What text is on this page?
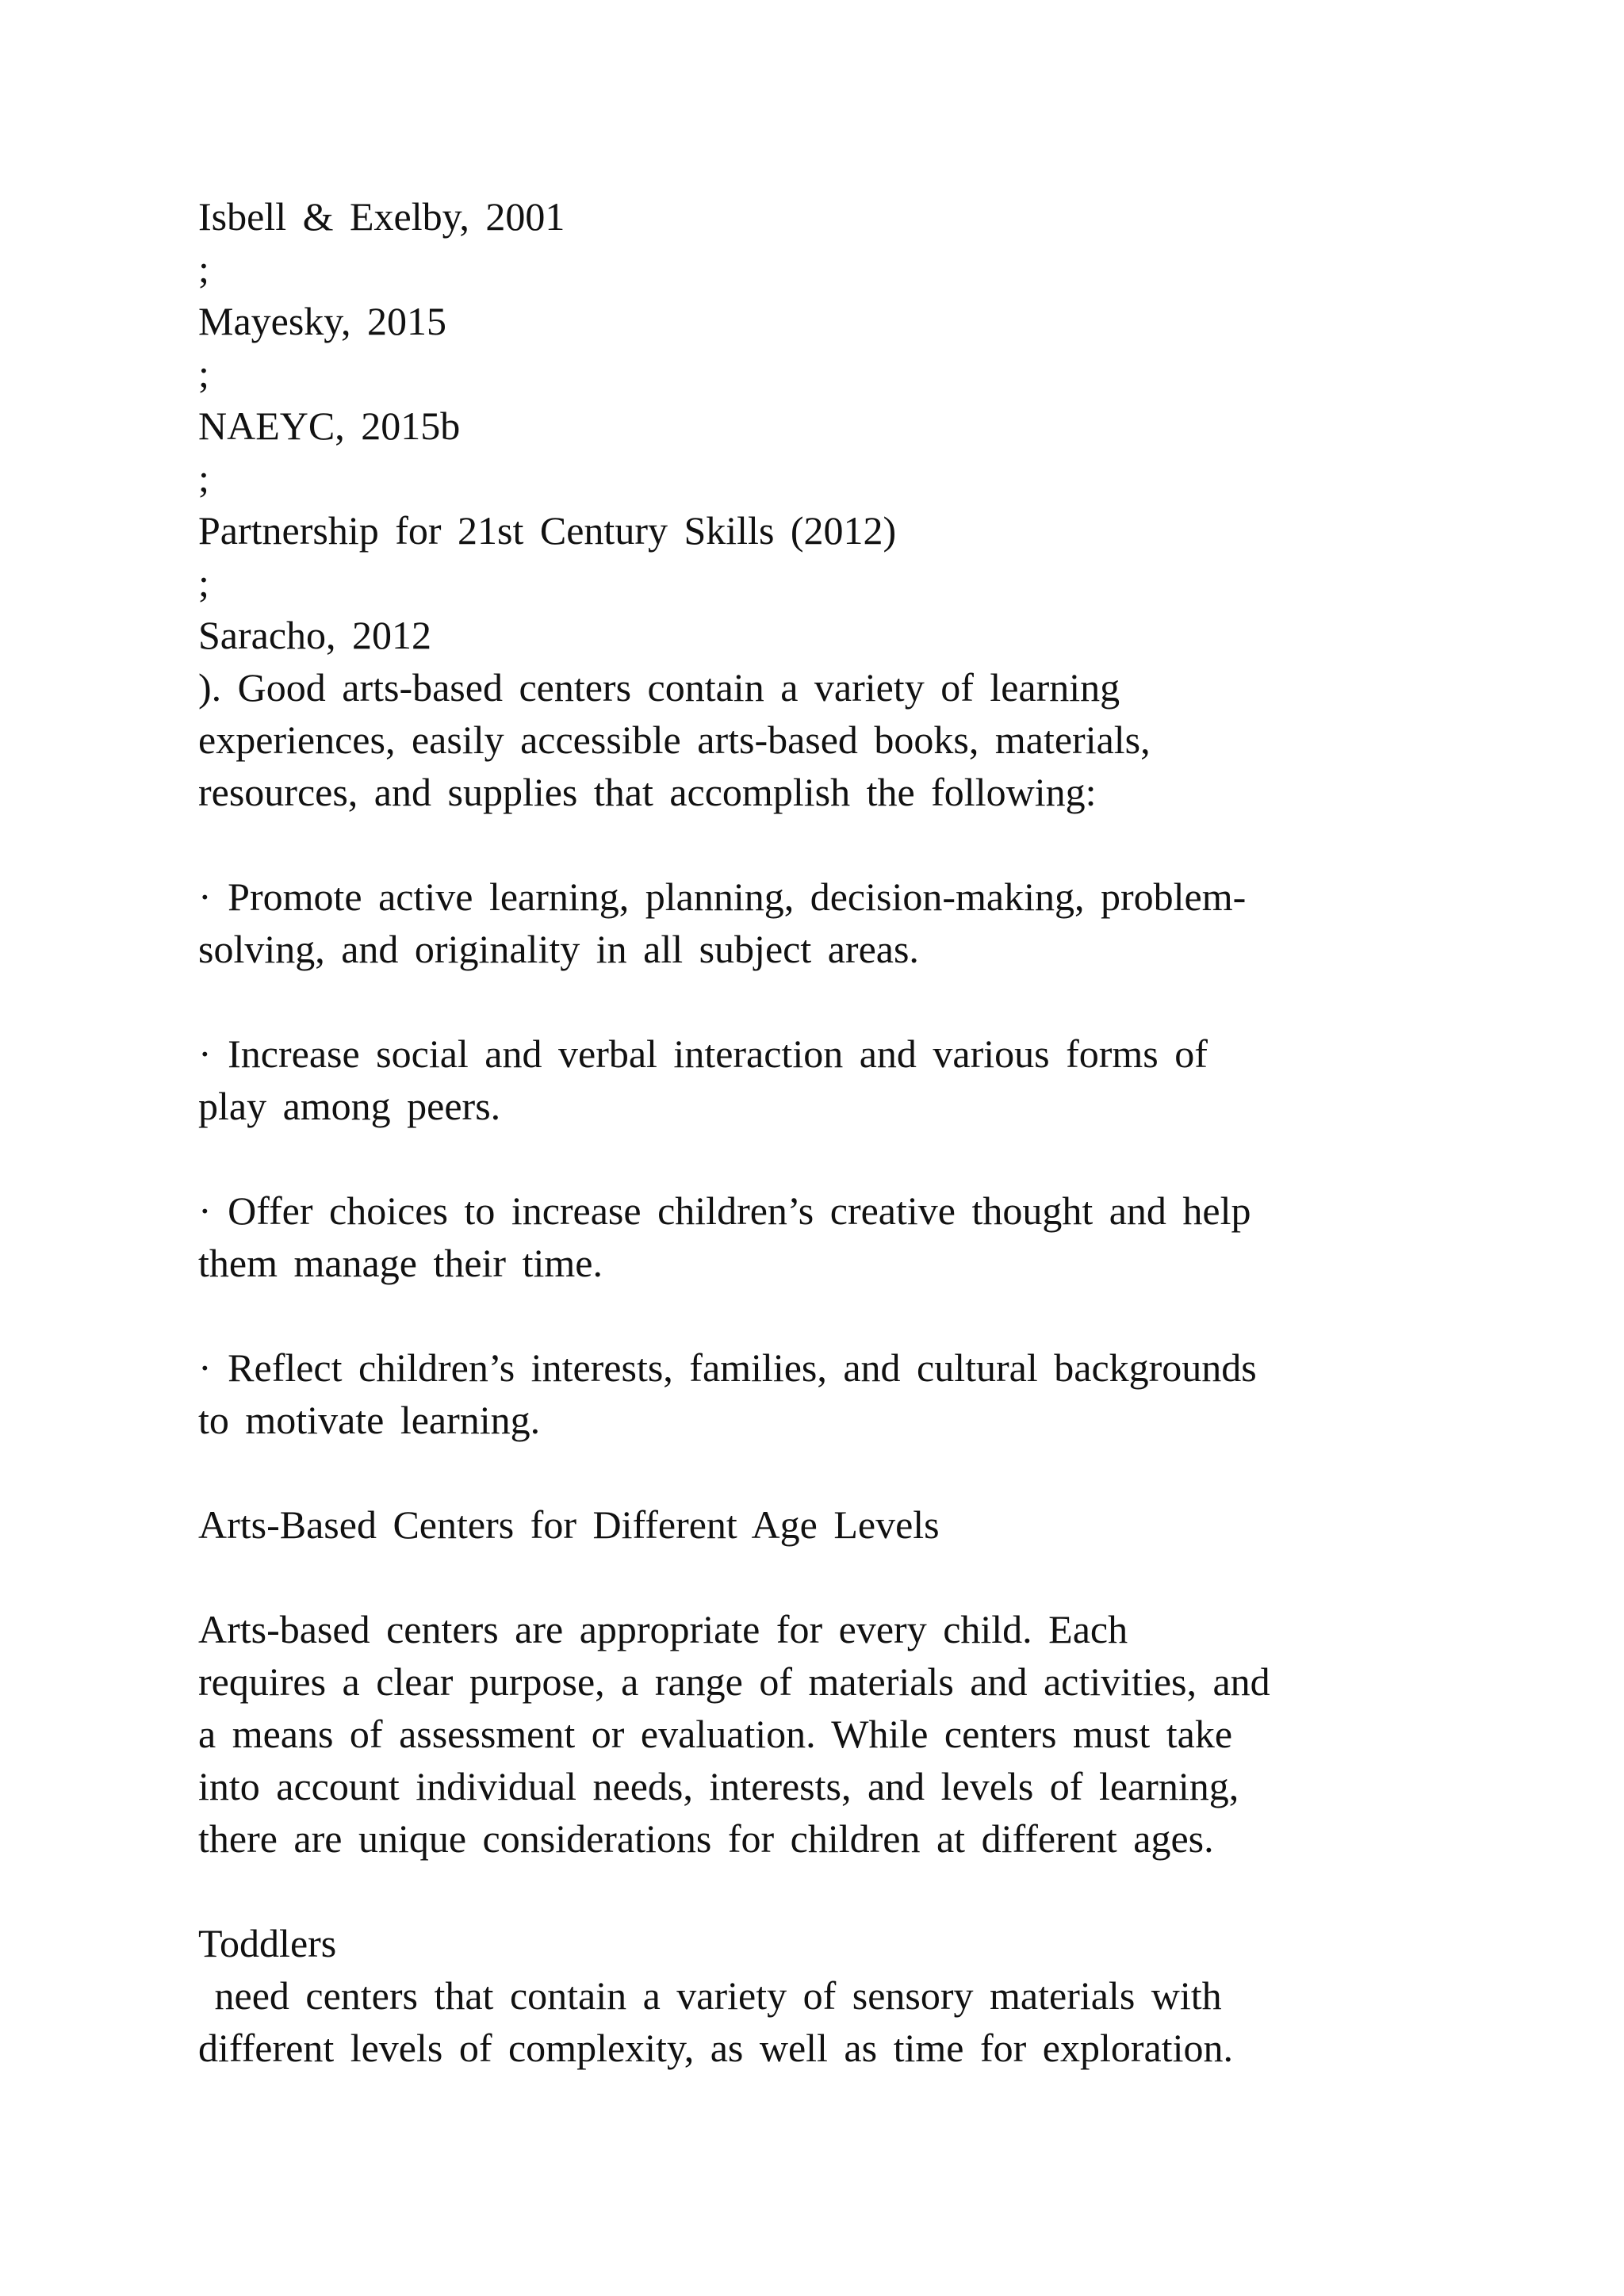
Isbell & Exelby, 2001
;
Mayesky, 2015
;
NAEYC, 2015b
;
Partnership for 21st Century Skills (2012)
;
Saracho, 2012
). Good arts-based centers contain a variety of learning
experiences, easily accessible arts-based books, materials,
resources, and supplies that accomplish the following:
· Promote active learning, planning, decision-making, problem-
solving, and originality in all subject areas.
· Increase social and verbal interaction and various forms of
play among peers.
· Offer choices to increase children’s creative thought and help
them manage their time.
· Reflect children’s interests, families, and cultural backgrounds
to motivate learning.
Arts-Based Centers for Different Age Levels
Arts-based centers are appropriate for every child. Each
requires a clear purpose, a range of materials and activities, and
a means of assessment or evaluation. While centers must take
into account individual needs, interests, and levels of learning,
there are unique considerations for children at different ages.
Toddlers
need centers that contain a variety of sensory materials with
different levels of complexity, as well as time for exploration.
